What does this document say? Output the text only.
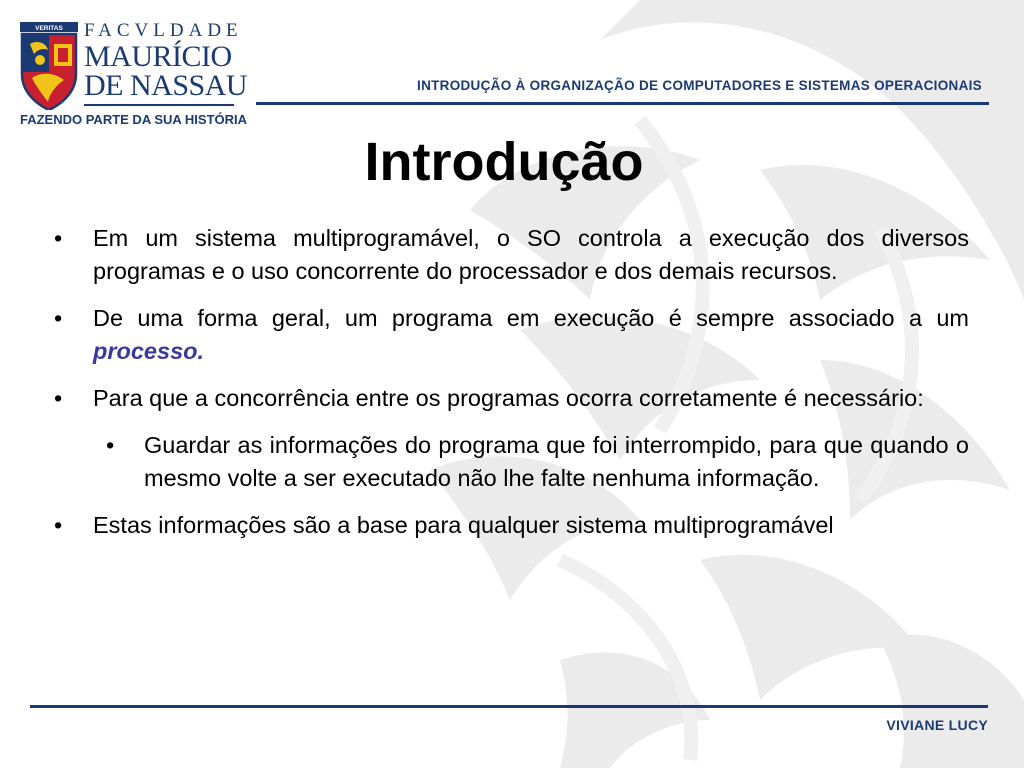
VERITAS FACVLDADE
MAURÍCIO
DE NASSAU
FAZENDO PARTE DA SUA HISTÓRIA
INTRODUÇÃO À ORGANIZAÇÃO DE COMPUTADORES E SISTEMAS OPERACIONAIS
Introdução
• Em um sistema multiprogramável, o SO controla a execução dos diversos programas e o uso concorrente do processador e dos demais recursos.
• De uma forma geral, um programa em execução é sempre associado a um processo.
• Para que a concorrência entre os programas ocorra corretamente é necessário:
• Guardar as informações do programa que foi interrompido, para que quando o mesmo volte a ser executado não lhe falte nenhuma informação.
• Estas informações são a base para qualquer sistema multiprogramável
VIVIANE LUCY
